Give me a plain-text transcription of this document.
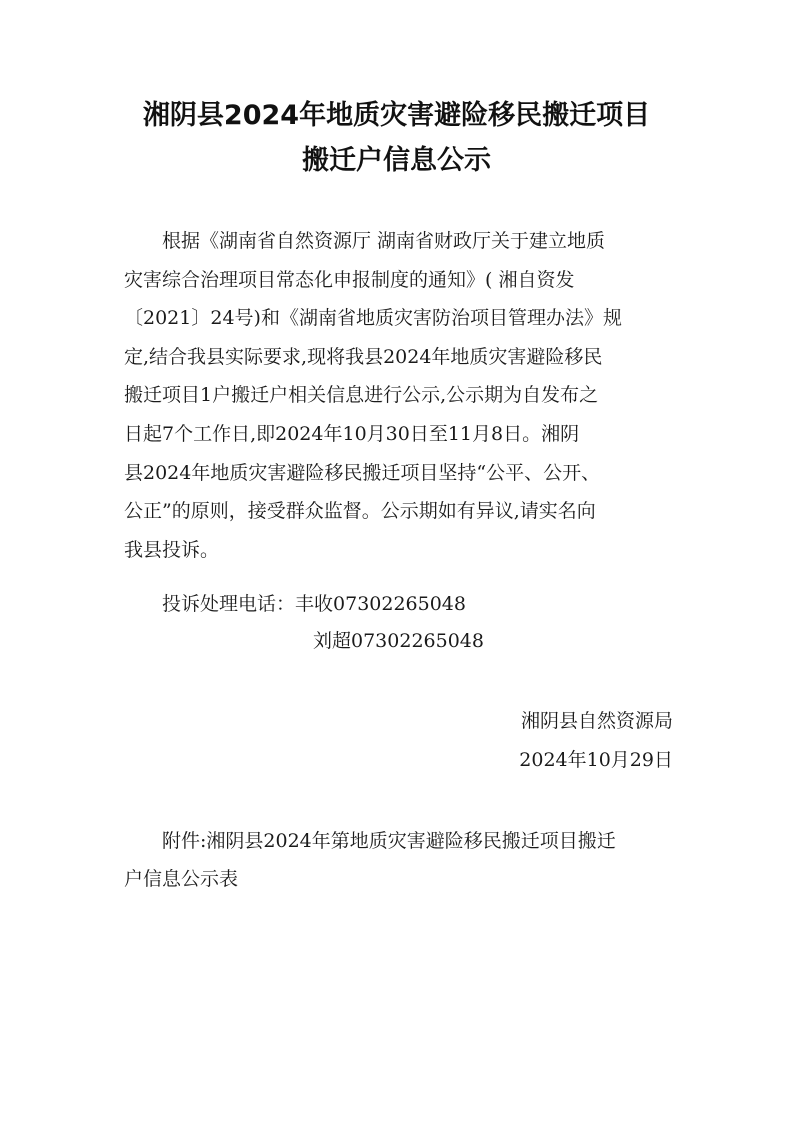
湘阴县2024年地质灾害避险移民搬迁项目
搬迁户信息公示
根据《湖南省自然资源厅 湖南省财政厅关于建立地质
灾害综合治理项目常态化申报制度的通知》( 湘自资发
〔2021〕24号)和《湖南省地质灾害防治项目管理办法》规
定,结合我县实际要求,现将我县2024年地质灾害避险移民
搬迁项目1户搬迁户相关信息进行公示,公示期为自发布之
日起7个工作日,即2024年10月30日至11月8日。湘阴
县2024年地质灾害避险移民搬迁项目坚持“公平、公开、
公正”的原则，接受群众监督。公示期如有异议,请实名向
我县投诉。
投诉处理电话：丰收07302265048
刘超07302265048
湘阴县自然资源局
2024年10月29日
附件:湘阴县2024年第地质灾害避险移民搬迁项目搬迁
户信息公示表
